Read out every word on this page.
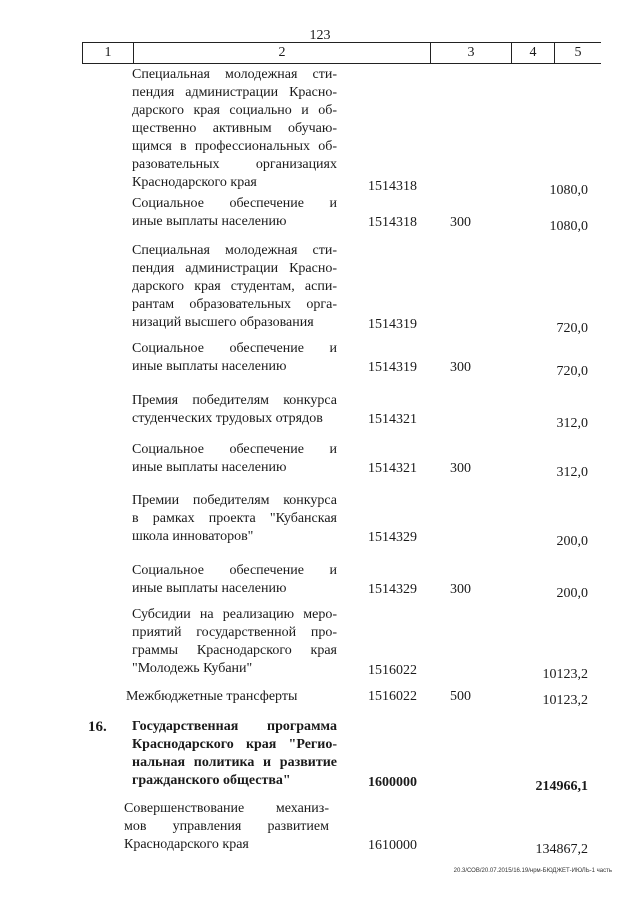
123
1	2	3	4	5
Специальная молодежная сти-
пендия администрации Красно-
дарского края социально и об-
щественно активным обучаю-
щимся в профессиональных об-
разовательных организациях
Краснодарского края	1514318	1080,0
Социальное обеспечение и
иные выплаты населению	1514318 300	1080,0
Специальная молодежная сти-
пендия администрации Красно-
дарского края студентам, аспи-
рантам образовательных орга-
низаций высшего образования	1514319	720,0
Социальное обеспечение и
иные выплаты населению	1514319 300	720,0
Премия победителям конкурса
студенческих трудовых отрядов	1514321	312,0
Социальное обеспечение и
иные выплаты населению	1514321 300	312,0
Премии победителям конкурса
в рамках проекта "Кубанская
школа инноваторов"	1514329	200,0
Социальное обеспечение и
иные выплаты населению	1514329 300	200,0
Субсидии на реализацию меро-
приятий государственной про-
граммы Краснодарского края
"Молодежь Кубани"	1516022	10123,2
Межбюджетные трансферты	1516022 500	10123,2
16. Государственная программа
Краснодарского края "Регио-
нальная политика и развитие
гражданского общества"	1600000	214966,1
Совершенствование механиз-
мов управления развитием
Краснодарского края	1610000	134867,2
20.3/СОВ/20.07.2015/16.19/нрм-БЮДЖЕТ-ИЮЛЬ-1 часть
